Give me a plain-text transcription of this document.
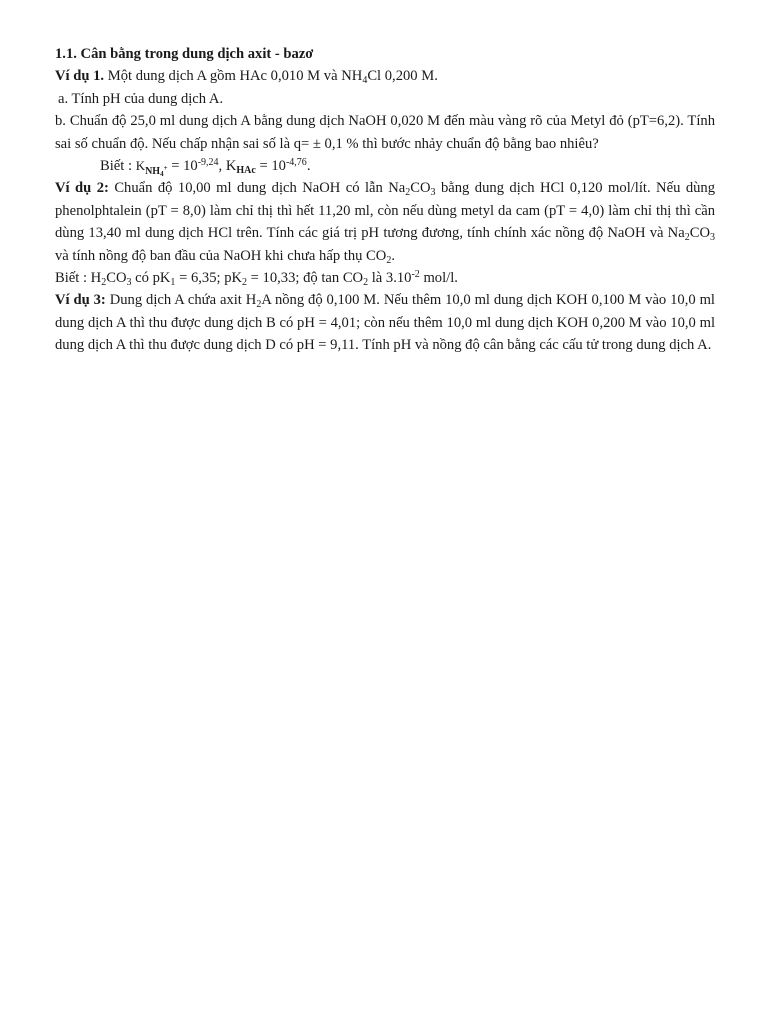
1.1. Cân bằng trong dung dịch axit - bazơ

Ví dụ 1. Một dung dịch A gồm HAc 0,010 M và $NH_4Cl$ 0,200 M.

a. Tính pH của dung dịch A.

b. Chuẩn độ 25,0 ml dung dịch A bằng dung dịch NaOH 0,020 M đến màu vàng rõ của Metyl đỏ (pT=6,2). Tính sai số chuẩn độ. Nếu chấp nhận sai số là q= ± 0,1 % thì bước nhảy chuẩn độ bằng bao nhiêu?

Biết : $K_{NH_4^+} = 10^{-9,24}$, $K_{HAc} = 10^{-4,76}$.

Ví dụ 2: Chuẩn độ 10,00 ml dung dịch NaOH có lẫn $Na_2CO_3$ bằng dung dịch HCl 0,120 mol/lít. Nếu dùng phenolphtalein (pT = 8,0) làm chỉ thị thì hết 11,20 ml, còn nếu dùng metyl da cam (pT = 4,0) làm chỉ thị thì cần dùng 13,40 ml dung dịch HCl trên. Tính các giá trị pH tương đương, tính chính xác nồng độ NaOH và $Na_2CO_3$ và tính nồng độ ban đầu của NaOH khi chưa hấp thụ $CO_2$.

Biết : $H_2CO_3$ có $pK_1 = 6,35$; $pK_2 = 10,33$; độ $\tan CO_2$ là $3.10^{-2}$ mol/l.

Ví dụ 3: Dung dịch A chứa axit $H_2A$ nồng độ 0,100 M. Nếu thêm 10,0 ml dung dịch KOH 0,100 M vào 10,0 ml dung dịch A thì thu được dung dịch B có pH = 4,01; còn nếu thêm 10,0 ml dung dịch KOH 0,200 M vào 10,0 ml dung dịch A thì thu được dung dịch D có pH = 9,11. Tính pH và nồng độ cân bằng các cấu tử trong dung dịch A.
